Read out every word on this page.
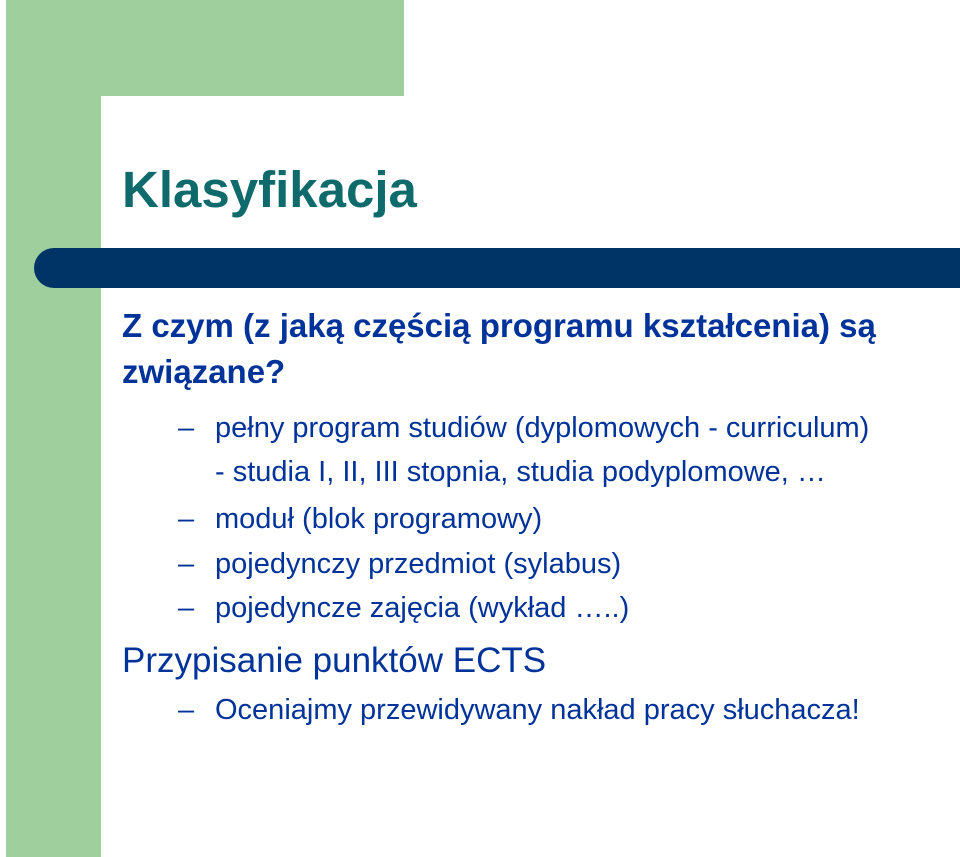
Klasyfikacja

Z czym (z jaką częścią programu kształcenia) są związane?

– pełny program studiów (dyplomowych - curriculum)

- studia I, II, III stopnia, studia podyplomowe, …

– moduł (blok programowy)

– pojedynczy przedmiot (sylabus)

– pojedyncze zajęcia (wykład …..)

Przypisanie punktów ECTS

– Oceniajmy przewidywany nakład pracy słuchacza!
